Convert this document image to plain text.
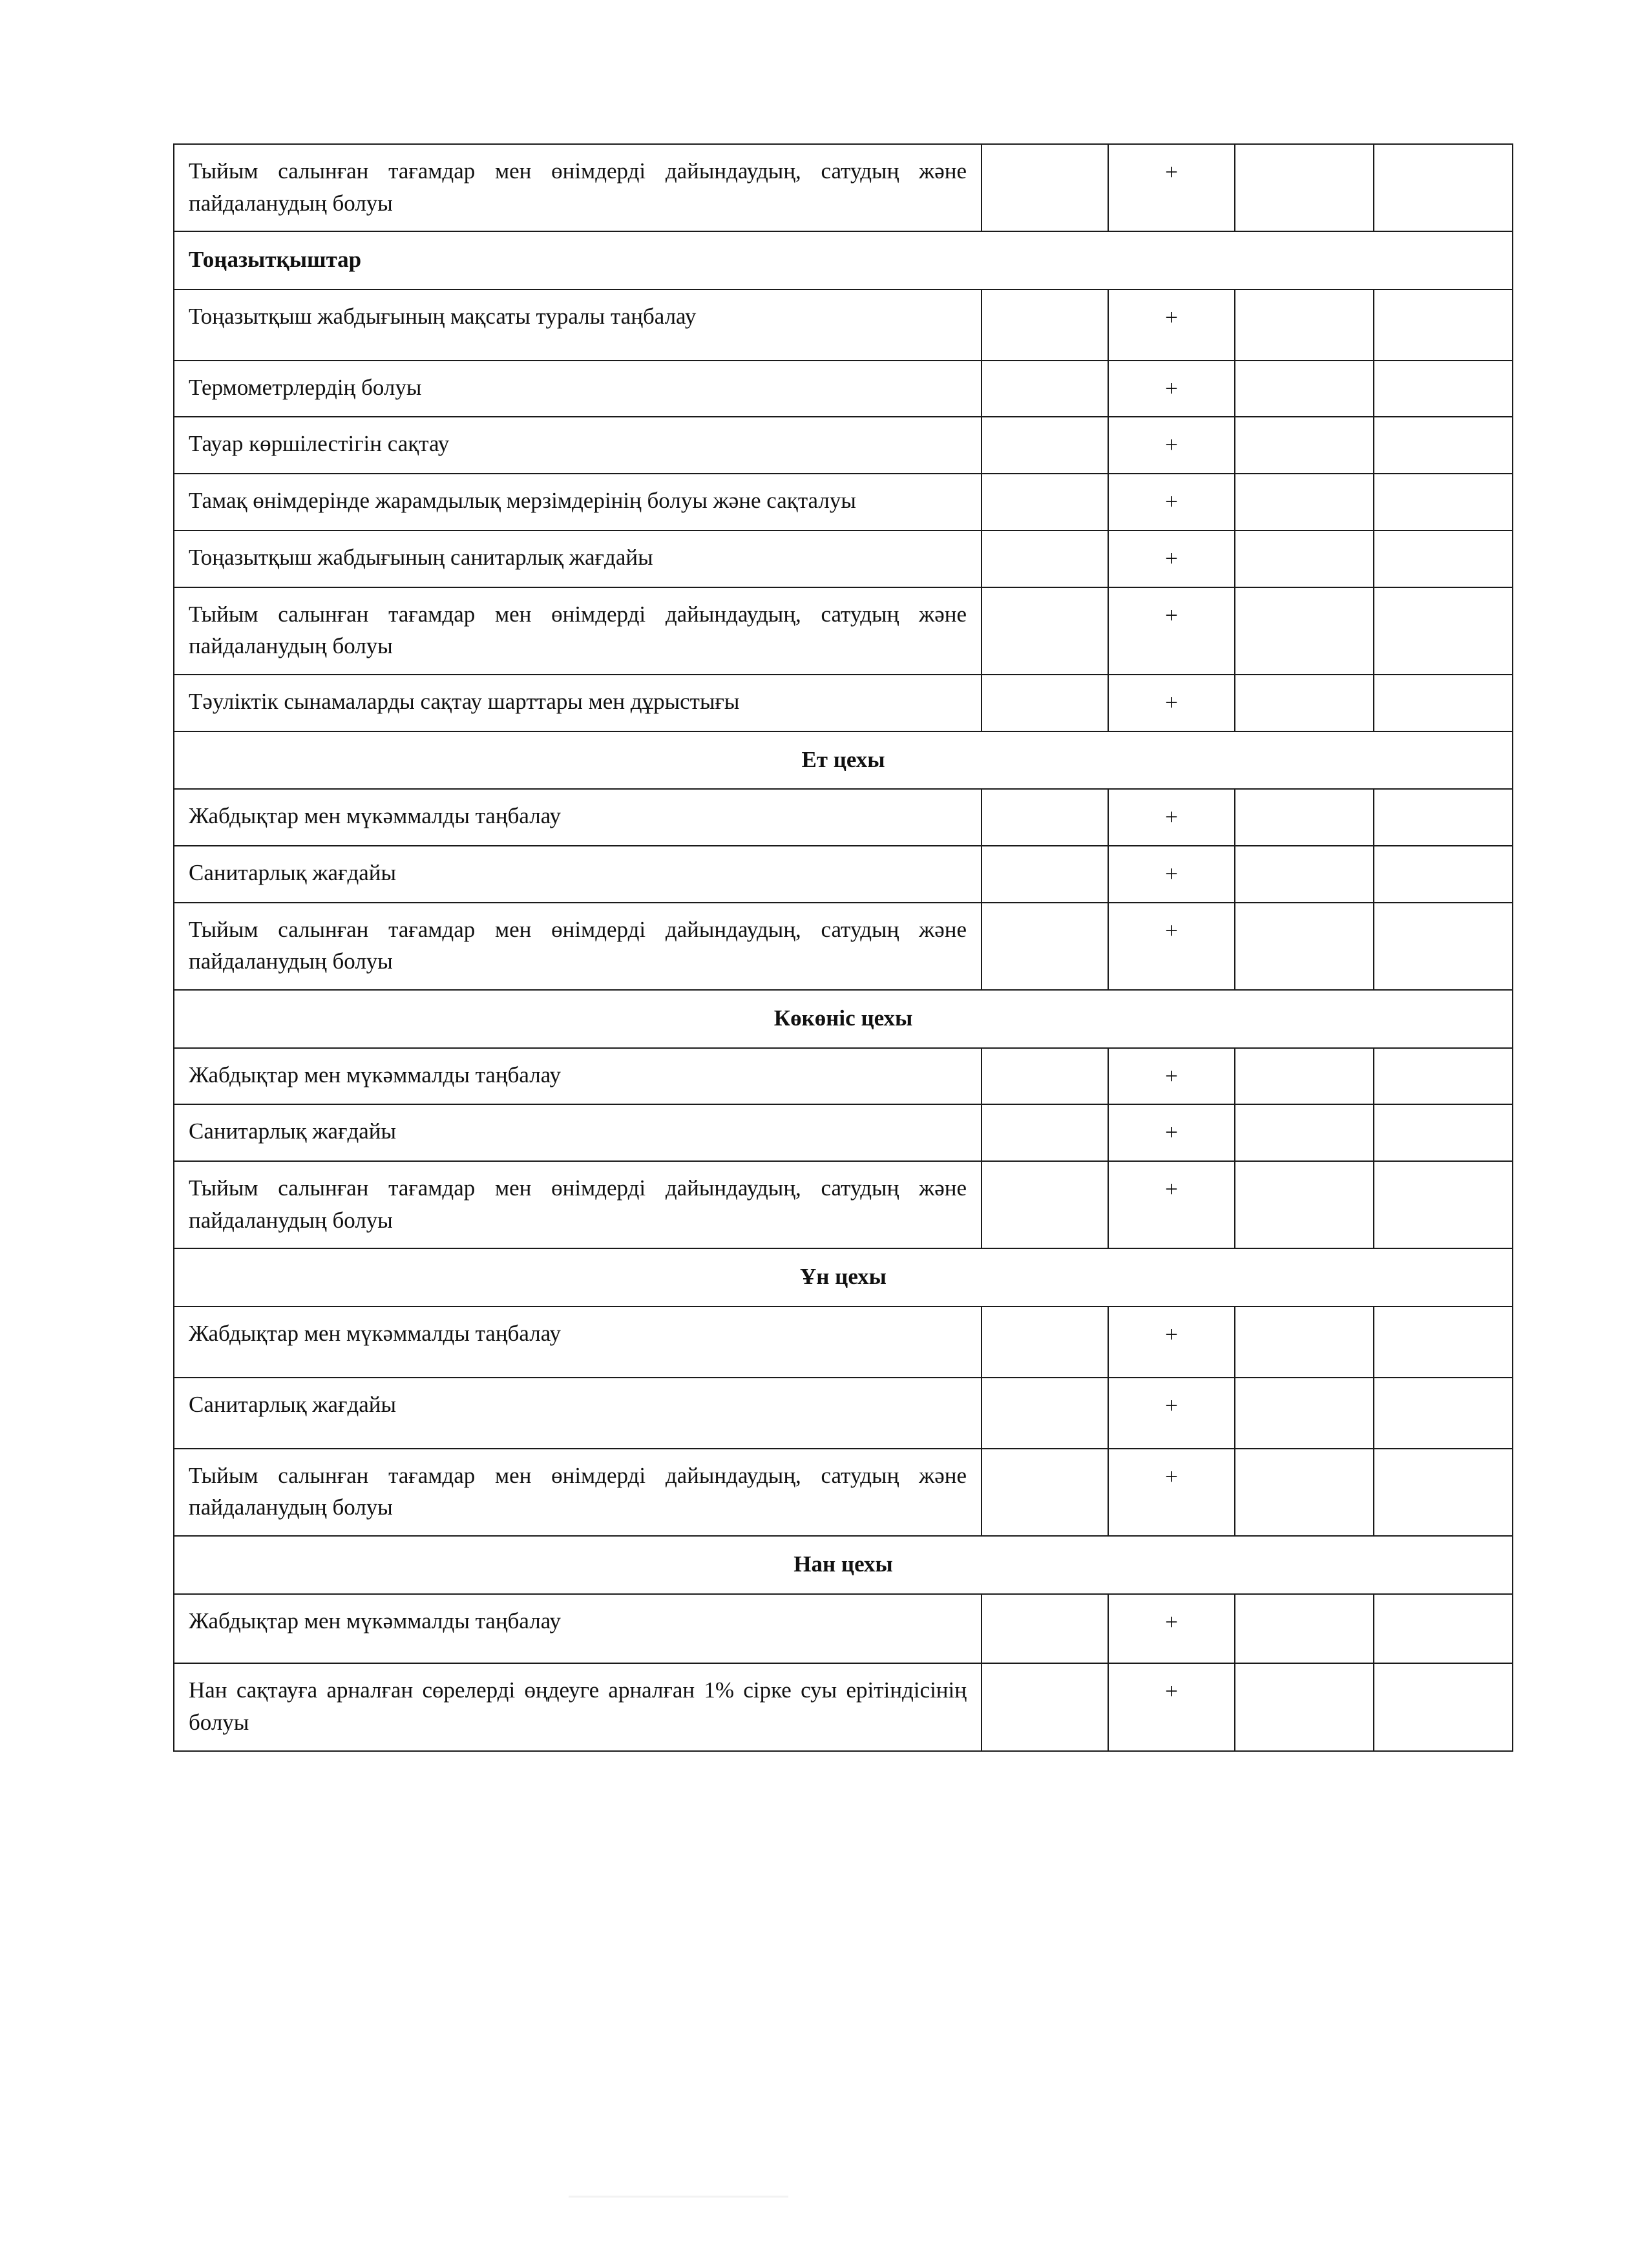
Тыйым салынған тағамдар мен өнімдерді дайындаудың, сатудың және пайдаланудың болуы		+		
Тоңазытқыштар				
Тоңазытқыш жабдығының мақсаты туралы таңбалау		+		
Термометрлердің болуы		+		
Тауар көршілестігін сақтау		+		
Тамақ өнімдерінде жарамдылық мерзімдерінің болуы және сақталуы		+		
Тоңазытқыш жабдығының санитарлық жағдайы		+		
Тыйым салынған тағамдар мен өнімдерді дайындаудың, сатудың және пайдаланудың болуы		+		
Тәуліктік сынамаларды сақтау шарттары мен дұрыстығы		+		
Ет цехы				
Жабдықтар мен мүкәммалды таңбалау		+		
Санитарлық жағдайы		+		
Тыйым салынған тағамдар мен өнімдерді дайындаудың, сатудың және пайдаланудың болуы		+		
Көкөніс цехы				
Жабдықтар мен мүкәммалды таңбалау		+		
Санитарлық жағдайы		+		
Тыйым салынған тағамдар мен өнімдерді дайындаудың, сатудың және пайдаланудың болуы		+		
Ұн цехы				
Жабдықтар мен мүкәммалды таңбалау		+		
Санитарлық жағдайы		+		
Тыйым салынған тағамдар мен өнімдерді дайындаудың, сатудың және пайдаланудың болуы		+		
Нан цехы				
Жабдықтар мен мүкәммалды таңбалау		+		
Нан сақтауға арналған сөрелерді өңдеуге арналған 1% сірке суы ерітіндісінің болуы		+		
